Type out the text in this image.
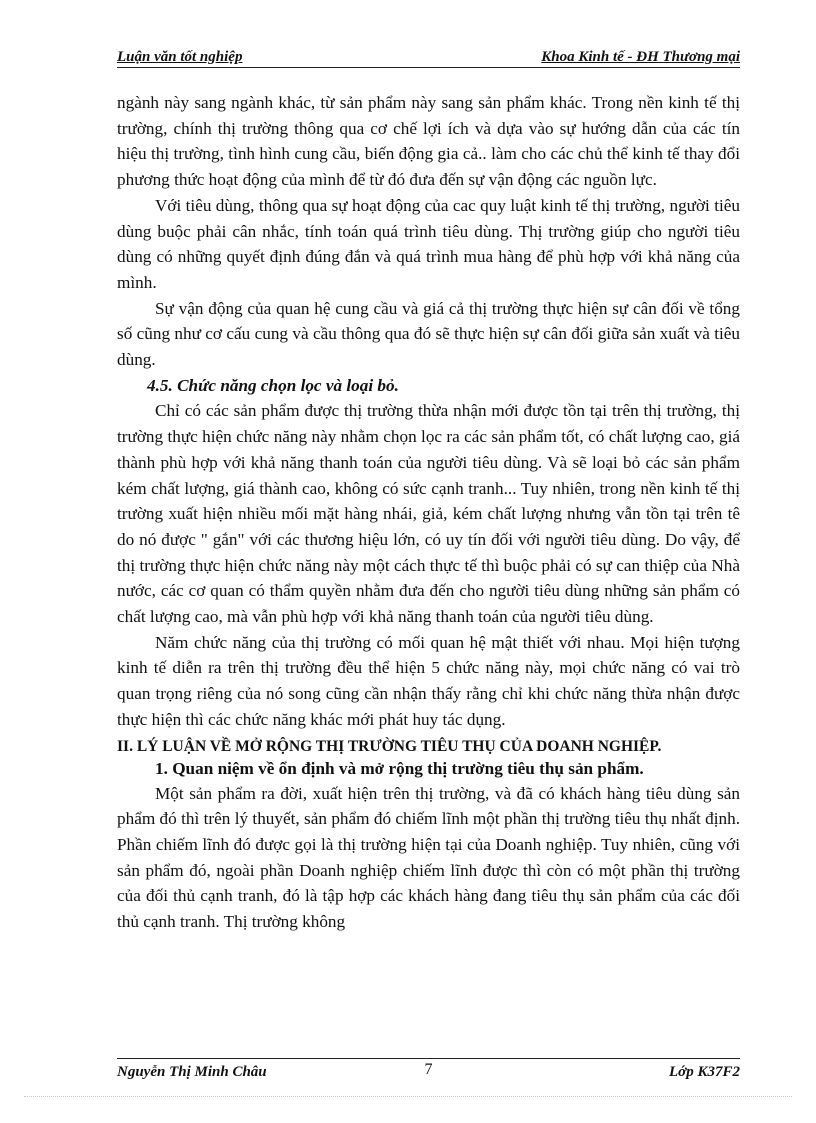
Luận văn tốt nghiệp	Khoa Kinh tế - ĐH Thương mại

ngành này sang ngành khác, từ sản phẩm này sang sản phẩm khác. Trong nền kinh tế thị trường, chính thị trường thông qua cơ chế lợi ích và dựa vào sự hướng dẫn của các tín hiệu thị trường, tình hình cung cầu, biến động gia cả.. làm cho các chủ thể kinh tế thay đổi phương thức hoạt động của mình để từ đó đưa đến sự vận động các nguồn lực.

Với tiêu dùng, thông qua sự hoạt động của cac quy luật kinh tế thị trường, người tiêu dùng buộc phải cân nhắc, tính toán quá trình tiêu dùng. Thị trường giúp cho người tiêu dùng có những quyết định đúng đắn và quá trình mua hàng để phù hợp với khả năng của mình.

Sự vận động của quan hệ cung cầu và giá cả thị trường thực hiện sự cân đối về tổng số cũng như cơ cấu cung và cầu thông qua đó sẽ thực hiện sự cân đối giữa sản xuất và tiêu dùng.

4.5. Chức năng chọn lọc và loại bỏ.

Chỉ có các sản phẩm được thị trường thừa nhận mới được tồn tại trên thị trường, thị trường thực hiện chức năng này nhằm chọn lọc ra các sản phẩm tốt, có chất lượng cao, giá thành phù hợp với khả năng thanh toán của người tiêu dùng. Và sẽ loại bỏ các sản phẩm kém chất lượng, giá thành cao, không có sức cạnh tranh... Tuy nhiên, trong nền kinh tế thị trường xuất hiện nhiều mối mặt hàng nhái, giả, kém chất lượng nhưng vẫn tồn tại trên tê do nó được " gắn" với các thương hiệu lớn, có uy tín đối với người tiêu dùng. Do vậy, để thị trường thực hiện chức năng này một cách thực tế thì buộc phải có sự can thiệp của Nhà nước, các cơ quan có thẩm quyền nhằm đưa đến cho người tiêu dùng những sản phẩm có chất lượng cao, mà vẫn phù hợp với khả năng thanh toán của người tiêu dùng.

Năm chức năng của thị trường có mối quan hệ mật thiết với nhau. Mọi hiện tượng kinh tế diễn ra trên thị trường đều thể hiện 5 chức năng này, mọi chức năng có vai trò quan trọng riêng của nó song cũng cần nhận thấy rằng chỉ khi chức năng thừa nhận được thực hiện thì các chức năng khác mới phát huy tác dụng.

II. LÝ LUẬN VỀ MỞ RỘNG THỊ TRƯỜNG TIÊU THỤ CỦA DOANH NGHIỆP.
1. Quan niệm về ổn định và mở rộng thị trường tiêu thụ sản phẩm.

Một sản phẩm ra đời, xuất hiện trên thị trường, và đã có khách hàng tiêu dùng sản phẩm đó thì trên lý thuyết, sản phẩm đó chiếm lĩnh một phần thị trường tiêu thụ nhất định. Phần chiếm lĩnh đó được gọi là thị trường hiện tại của Doanh nghiệp. Tuy nhiên, cũng với sản phẩm đó, ngoài phần Doanh nghiệp chiếm lĩnh được thì còn có một phần thị trường của đối thủ cạnh tranh, đó là tập hợp các khách hàng đang tiêu thụ sản phẩm của các đối thủ cạnh tranh. Thị trường không

Nguyễn Thị Minh Châu	7	Lớp K37F2
